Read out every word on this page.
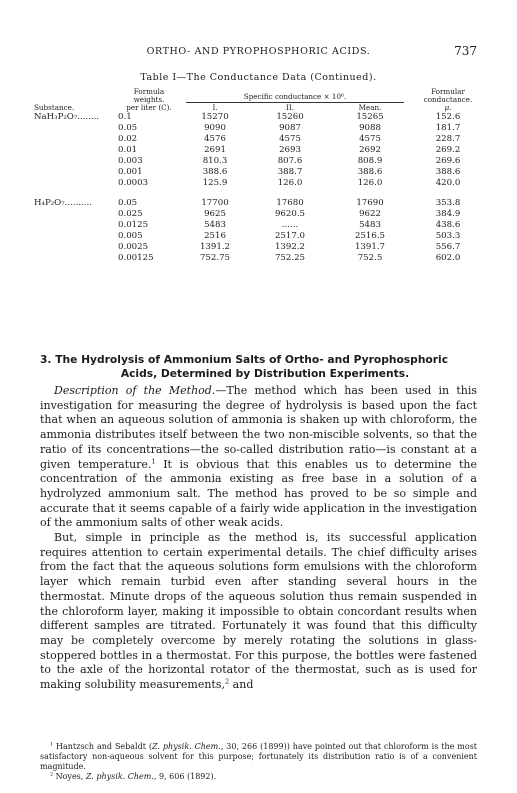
ORTHO- AND PYROPHOSPHORIC ACIDS.	737
Table I—The Conductance Data (Continued).
	Formula weights.	Specific conductance × 10⁶.			Formular conductance.
Substance.	per liter (C).	I.	II.	Mean.	μ.
NaH₃P₂O₇........	0.1	15270	15260	15265	152.6
	0.05	9090	9087	9088	181.7
	0.02	4576	4575	4575	228.7
	0.01	2691	2693	2692	269.2
	0.003	810.3	807.6	808.9	269.6
	0.001	388.6	388.7	388.6	388.6
	0.0003	125.9	126.0	126.0	420.0

H₄P₂O₇..........	0.05	17700	17680	17690	353.8
	0.025	9625	9620.5	9622	384.9
	0.0125	5483	......	5483	438.6
	0.005	2516	2517.0	2516.5	503.3
	0.0025	1391.2	1392.2	1391.7	556.7
	0.00125	752.75	752.25	752.5	602.0
3. The Hydrolysis of Ammonium Salts of Ortho- and Pyrophosphoric
Acids, Determined by Distribution Experiments.

Description of the Method.—The method which has been used in this investigation for measuring the degree of hydrolysis is based upon the fact that when an aqueous solution of ammonia is shaken up with chloroform, the ammonia distributes itself between the two non-miscible solvents, so that the ratio of its concentrations—the so-called distribution ratio—is constant at a given temperature.$^1$ It is obvious that this enables us to determine the concentration of the ammonia existing as free base in a solution of a hydrolyzed ammonium salt. The method has proved to be so simple and accurate that it seems capable of a fairly wide application in the investigation of the ammonium salts of other weak acids.

But, simple in principle as the method is, its successful application requires attention to certain experimental details. The chief difficulty arises from the fact that the aqueous solutions form emulsions with the chloroform layer which remain turbid even after standing several hours in the thermostat. Minute drops of the aqueous solution thus remain suspended in the chloroform layer, making it impossible to obtain concordant results when different samples are titrated. Fortunately it was found that this difficulty may be completely overcome by merely rotating the solutions in glass-stoppered bottles in a thermostat. For this purpose, the bottles were fastened to the axle of the horizontal rotator of the thermostat, such as is used for making solubility measurements,$^2$ and

$^1$ Hantzsch and Sebaldt (Z. physik. Chem., 30, 266 (1899)) have pointed out that chloroform is the most satisfactory non-aqueous solvent for this purpose; fortunately its distribution ratio is of a convenient magnitude.

$^2$ Noyes, Z. physik. Chem., 9, 606 (1892).
